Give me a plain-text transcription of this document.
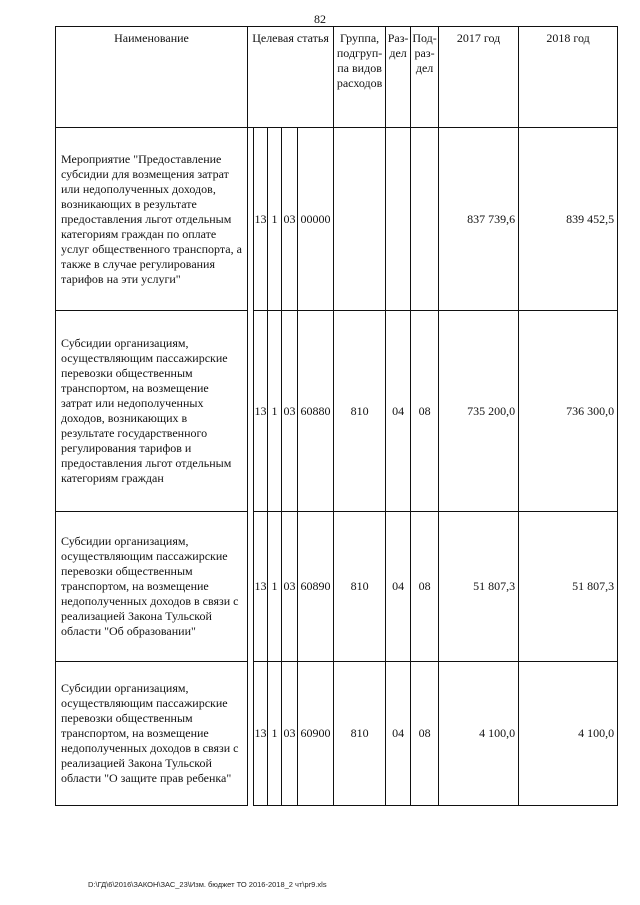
82
Наименование	Целевая статья					Группа, подгруп-па видов расходов	Раз-дел	Под-раз-дел	2017 год	2018 год
Мероприятие "Предоставление субсидии для возмещения затрат или недополученных доходов, возникающих в результате предоставления льгот отдельным категориям граждан по оплате услуг общественного транспорта, а также в случае регулирования тарифов на эти услуги"		13	1	03	00000				837 739,6	839 452,5
Субсидии организациям, осуществляющим пассажирские перевозки общественным транспортом, на возмещение затрат или недополученных доходов, возникающих в результате государственного регулирования тарифов и предоставления льгот отдельным категориям граждан		13	1	03	60880	810	04	08	735 200,0	736 300,0
Субсидии организациям, осуществляющим пассажирские перевозки общественным транспортом, на возмещение недополученных доходов в связи с реализацией Закона Тульской области "Об образовании"		13	1	03	60890	810	04	08	51 807,3	51 807,3
Субсидии организациям, осуществляющим пассажирские перевозки общественным транспортом, на возмещение недополученных доходов в связи с реализацией Закона Тульской области "О защите прав ребенка"		13	1	03	60900	810	04	08	4 100,0	4 100,0
D:\ГД\6\2016\ЗАКОН\ЗАС_23\Изм. бюджет ТО 2016-2018_2 чт\pr9.xls
